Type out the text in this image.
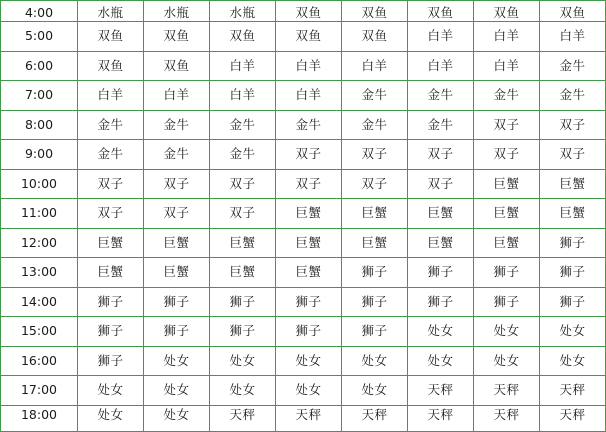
4:00	水瓶	水瓶	水瓶	双鱼	双鱼	双鱼	双鱼	双鱼
5:00	双鱼	双鱼	双鱼	双鱼	双鱼	白羊	白羊	白羊
6:00	双鱼	双鱼	白羊	白羊	白羊	白羊	白羊	金牛
7:00	白羊	白羊	白羊	白羊	金牛	金牛	金牛	金牛
8:00	金牛	金牛	金牛	金牛	金牛	金牛	双子	双子
9:00	金牛	金牛	金牛	双子	双子	双子	双子	双子
10:00	双子	双子	双子	双子	双子	双子	巨蟹	巨蟹
11:00	双子	双子	双子	巨蟹	巨蟹	巨蟹	巨蟹	巨蟹
12:00	巨蟹	巨蟹	巨蟹	巨蟹	巨蟹	巨蟹	巨蟹	狮子
13:00	巨蟹	巨蟹	巨蟹	巨蟹	狮子	狮子	狮子	狮子
14:00	狮子	狮子	狮子	狮子	狮子	狮子	狮子	狮子
15:00	狮子	狮子	狮子	狮子	狮子	处女	处女	处女
16:00	狮子	处女	处女	处女	处女	处女	处女	处女
17:00	处女	处女	处女	处女	处女	天秤	天秤	天秤
18:00	处女	处女	天秤	天秤	天秤	天秤	天秤	天秤
